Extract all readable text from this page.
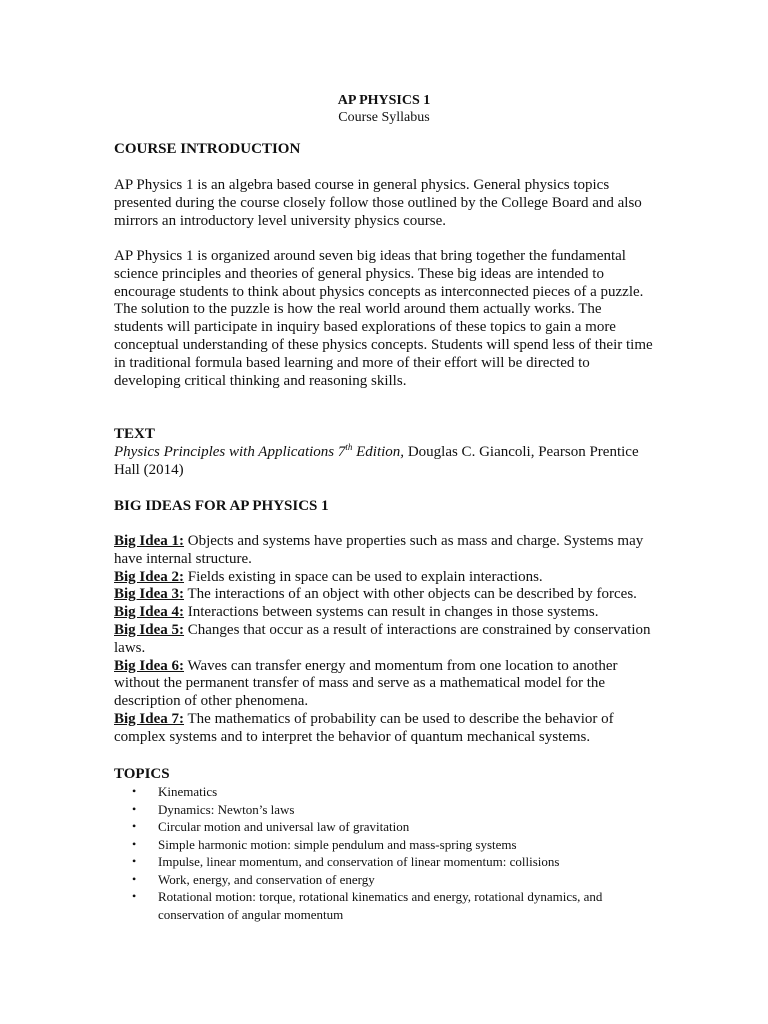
AP PHYSICS 1
Course Syllabus
COURSE INTRODUCTION

AP Physics 1 is an algebra based course in general physics. General physics topics presented during the course closely follow those outlined by the College Board and also mirrors an introductory level university physics course.

AP Physics 1 is organized around seven big ideas that bring together the fundamental science principles and theories of general physics. These big ideas are intended to encourage students to think about physics concepts as interconnected pieces of a puzzle. The solution to the puzzle is how the real world around them actually works. The students will participate in inquiry based explorations of these topics to gain a more conceptual understanding of these physics concepts. Students will spend less of their time in traditional formula based learning and more of their effort will be directed to developing critical thinking and reasoning skills.

TEXT

Physics Principles with Applications 7th Edition, Douglas C. Giancoli, Pearson Prentice Hall (2014)

BIG IDEAS FOR AP PHYSICS 1

Big Idea 1: Objects and systems have properties such as mass and charge. Systems may have internal structure.

Big Idea 2: Fields existing in space can be used to explain interactions.

Big Idea 3: The interactions of an object with other objects can be described by forces.

Big Idea 4: Interactions between systems can result in changes in those systems.

Big Idea 5: Changes that occur as a result of interactions are constrained by conservation laws.

Big Idea 6: Waves can transfer energy and momentum from one location to another without the permanent transfer of mass and serve as a mathematical model for the description of other phenomena.

Big Idea 7: The mathematics of probability can be used to describe the behavior of complex systems and to interpret the behavior of quantum mechanical systems.

TOPICS
•	Kinematics
•	Dynamics: Newton’s laws
•	Circular motion and universal law of gravitation
•	Simple harmonic motion: simple pendulum and mass-spring systems
•	Impulse, linear momentum, and conservation of linear momentum: collisions
•	Work, energy, and conservation of energy
•	Rotational motion: torque, rotational kinematics and energy, rotational dynamics, and conservation of angular momentum
